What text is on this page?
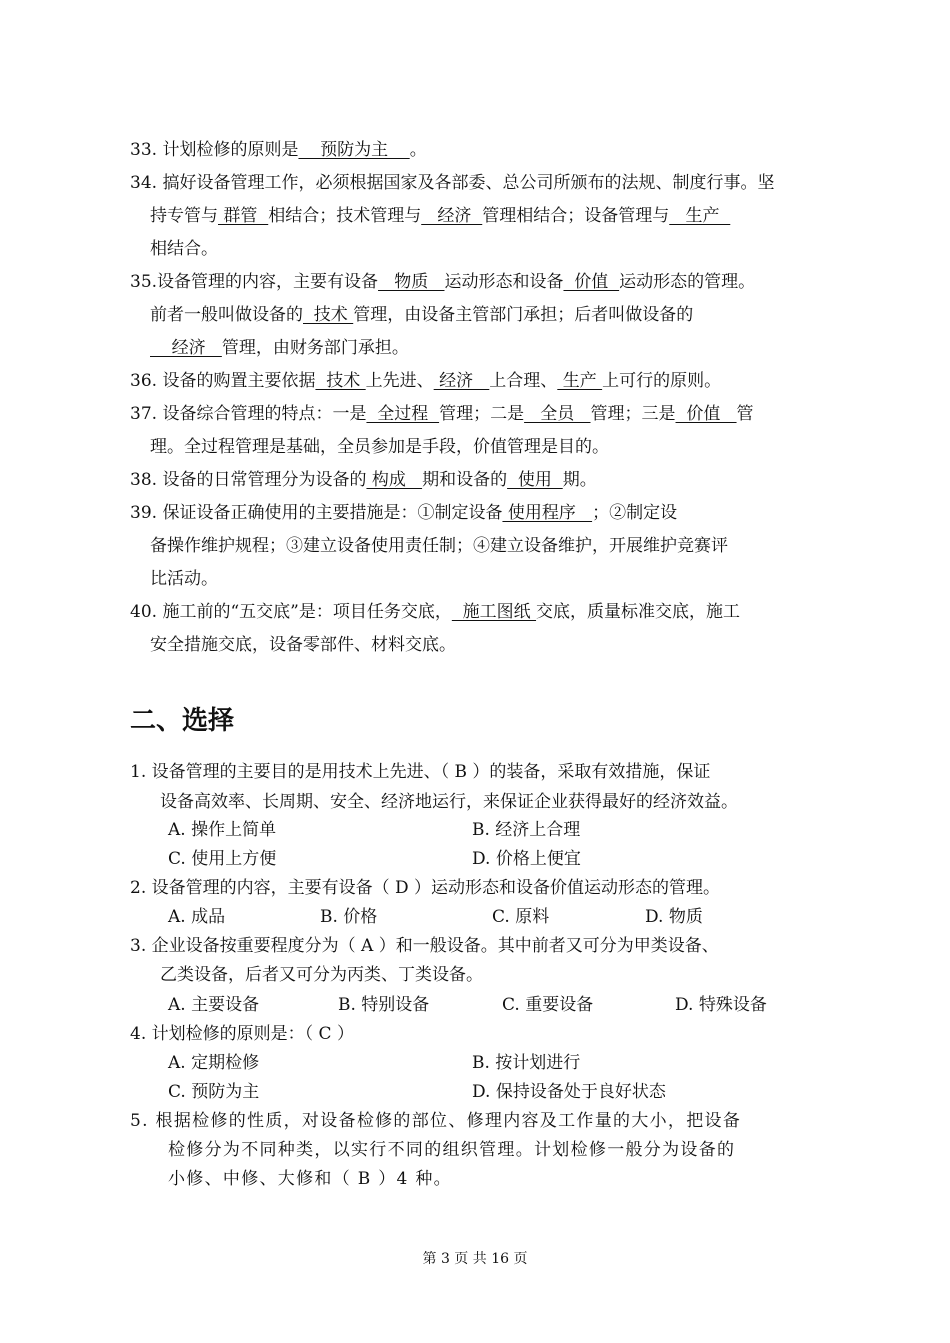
33. 计划检修的原则是    预防为主    。
34. 搞好设备管理工作，必须根据国家及各部委、总公司所颁布的法规、制度行事。坚
持专管与 群管  相结合；技术管理与   经济  管理相结合；设备管理与   生产
相结合。
35.设备管理的内容，主要有设备   物质   运动形态和设备  价值  运动形态的管理。
前者一般叫做设备的  技术 管理，由设备主管部门承担；后者叫做设备的
经济   管理，由财务部门承担。
36. 设备的购置主要依据  技术 上先进、 经济   上合理、 生产 上可行的原则。
37. 设备综合管理的特点：一是  全过程  管理；二是   全员   管理；三是  价值   管
理。全过程管理是基础，全员参加是手段，价值管理是目的。
38. 设备的日常管理分为设备的 构成   期和设备的  使用  期。
39. 保证设备正确使用的主要措施是：①制定设备 使用程序   ；②制定设
备操作维护规程；③建立设备使用责任制；④建立设备维护，开展维护竞赛评
比活动。
40. 施工前的“五交底”是：项目任务交底，  施工图纸 交底，质量标准交底，施工
安全措施交底，设备零部件、材料交底。
二、选择
1. 设备管理的主要目的是用技术上先进、（ B ）的装备，采取有效措施，保证
设备高效率、长周期、安全、经济地运行，来保证企业获得最好的经济效益。
A. 操作上简单	B. 经济上合理
C. 使用上方便	D. 价格上便宜
2. 设备管理的内容，主要有设备（ D ）运动形态和设备价值运动形态的管理。
A. 成品	B. 价格	C. 原料	D. 物质
3. 企业设备按重要程度分为（ A ）和一般设备。其中前者又可分为甲类设备、
乙类设备，后者又可分为丙类、丁类设备。
A. 主要设备	B. 特别设备	C. 重要设备	D. 特殊设备
4. 计划检修的原则是：（ C ）
A. 定期检修	B. 按计划进行
C. 预防为主	D. 保持设备处于良好状态
5. 根据检修的性质，对设备检修的部位、修理内容及工作量的大小，把设备
检修分为不同种类，以实行不同的组织管理。计划检修一般分为设备的
小修、中修、大修和（ B ）4 种。
第 3 页 共 16 页
